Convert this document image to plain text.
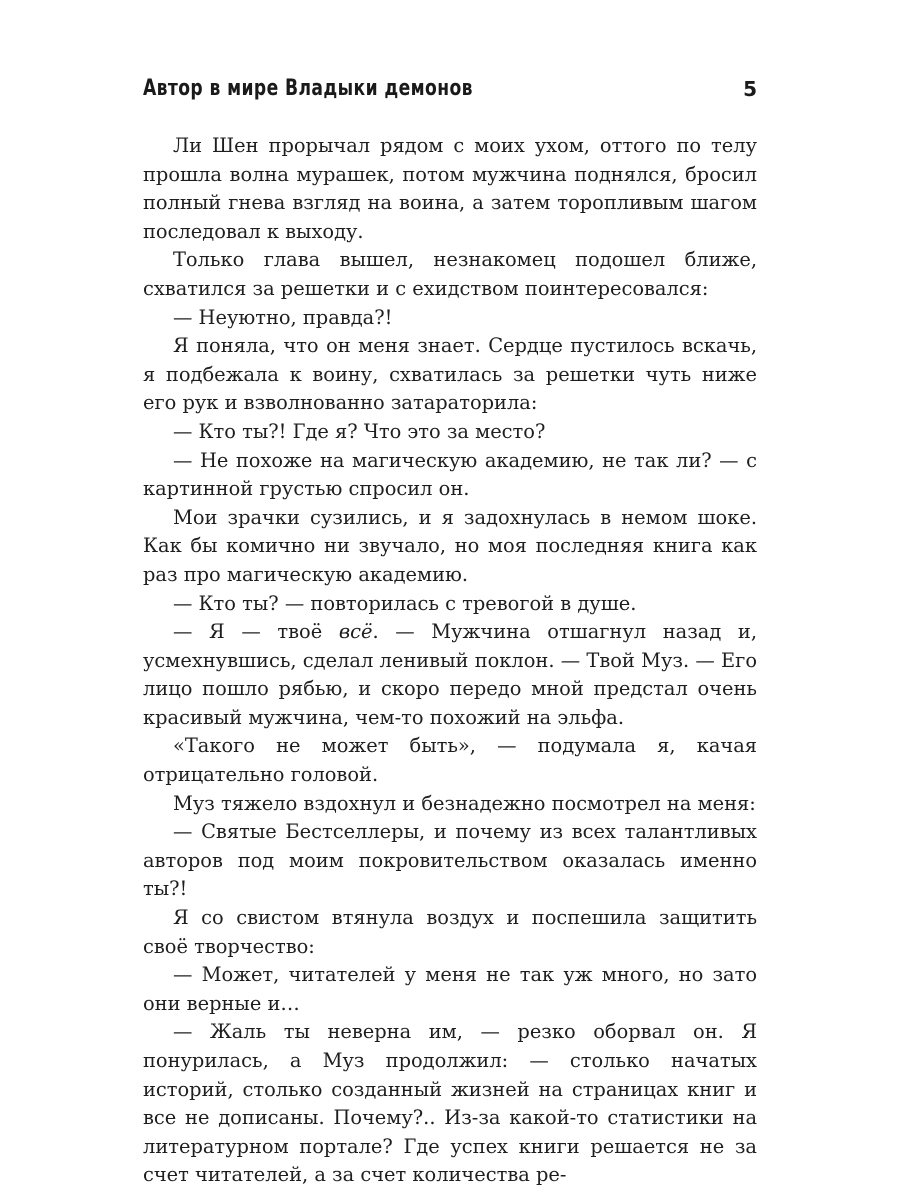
Автор в мире Владыки демонов	5

Ли Шен прорычал рядом с моих ухом, оттого по телу прошла волна мурашек, потом мужчина поднялся, бросил полный гнева взгляд на воина, а затем торопливым шагом последовал к выходу.

Только глава вышел, незнакомец подошел ближе, схватился за решетки и с ехидством поинтересовался:

— Неуютно, правда?!

Я поняла, что он меня знает. Сердце пустилось вскачь, я подбежала к воину, схватилась за решетки чуть ниже его рук и взволнованно затараторила:

— Кто ты?! Где я? Что это за место?

— Не похоже на магическую академию, не так ли? — с картинной грустью спросил он.

Мои зрачки сузились, и я задохнулась в немом шоке. Как бы комично ни звучало, но моя последняя книга как раз про магическую академию.

— Кто ты? — повторилась с тревогой в душе.

— Я — твоё всё. — Мужчина отшагнул назад и, усмехнувшись, сделал ленивый поклон. — Твой Муз. — Его лицо пошло рябью, и скоро передо мной предстал очень красивый мужчина, чем-то похожий на эльфа.

«Такого не может быть», — подумала я, качая отрицательно головой.

Муз тяжело вздохнул и безнадежно посмотрел на меня:

— Святые Бестселлеры, и почему из всех талантливых авторов под моим покровительством оказалась именно ты?!

Я со свистом втянула воздух и поспешила защитить своё творчество:

— Может, читателей у меня не так уж много, но зато они верные и…

— Жаль ты неверна им, — резко оборвал он. Я понурилась, а Муз продолжил: — столько начатых историй, столько созданный жизней на страницах книг и все не дописаны. Почему?.. Из-за какой-то статистики на литературном портале? Где успех книги решается не за счет читателей, а за счет количества ре-
